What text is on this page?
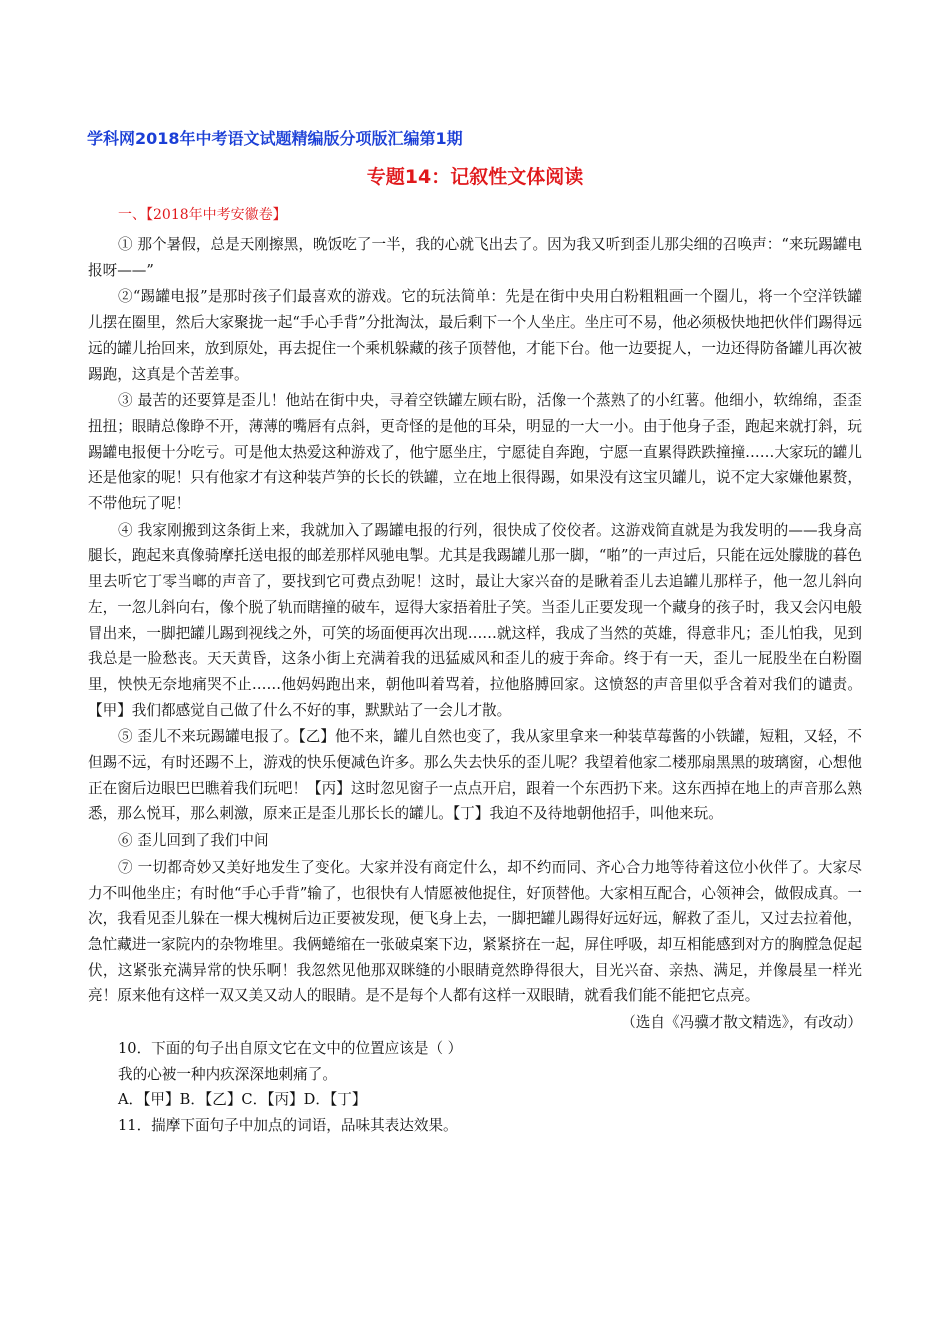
学科网2018年中考语文试题精编版分项版汇编第1期
专题14：记叙性文体阅读
一、【2018年中考安徽卷】

① 那个暑假，总是天刚擦黑，晚饭吃了一半，我的心就飞出去了。因为我又听到歪儿那尖细的召唤声：“来玩踢罐电报呀——”

②“踢罐电报”是那时孩子们最喜欢的游戏。它的玩法简单：先是在街中央用白粉粗粗画一个圈儿，将一个空洋铁罐儿摆在圈里，然后大家聚拢一起“手心手背”分批淘汰，最后剩下一个人坐庄。坐庄可不易，他必须极快地把伙伴们踢得远远的罐儿抬回来，放到原处，再去捉住一个乘机躲藏的孩子顶替他，才能下台。他一边要捉人，一边还得防备罐儿再次被踢跑，这真是个苦差事。

③ 最苦的还要算是歪儿！他站在街中央，寻着空铁罐左顾右盼，活像一个蒸熟了的小红薯。他细小，软绵绵，歪歪扭扭；眼睛总像睁不开，薄薄的嘴唇有点斜，更奇怪的是他的耳朵，明显的一大一小。由于他身子歪，跑起来就打斜，玩踢罐电报便十分吃亏。可是他太热爱这种游戏了，他宁愿坐庄，宁愿徒自奔跑，宁愿一直累得跌跌撞撞……大家玩的罐儿还是他家的呢！只有他家才有这种装芦笋的长长的铁罐，立在地上很得踢，如果没有这宝贝罐儿，说不定大家嫌他累赘，不带他玩了呢！

④ 我家刚搬到这条街上来，我就加入了踢罐电报的行列，很快成了佼佼者。这游戏简直就是为我发明的——我身高腿长，跑起来真像骑摩托送电报的邮差那样风驰电掣。尤其是我踢罐儿那一脚，“啪”的一声过后，只能在远处朦胧的暮色里去听它丁零当啷的声音了，要找到它可费点劲呢！这时，最让大家兴奋的是瞅着歪儿去追罐儿那样子，他一忽儿斜向左，一忽儿斜向右，像个脱了轨而瞎撞的破车，逗得大家捂着肚子笑。当歪儿正要发现一个藏身的孩子时，我又会闪电般冒出来，一脚把罐儿踢到视线之外，可笑的场面便再次出现……就这样，我成了当然的英雄，得意非凡；歪儿怕我，见到我总是一脸愁丧。天天黄昏，这条小街上充满着我的迅猛威风和歪儿的疲于奔命。终于有一天，歪儿一屁股坐在白粉圈里，怏怏无奈地痛哭不止……他妈妈跑出来，朝他叫着骂着，拉他胳膊回家。这愤怒的声音里似乎含着对我们的谴责。【甲】我们都感觉自己做了什么不好的事，默默站了一会儿才散。

⑤ 歪儿不来玩踢罐电报了。【乙】他不来，罐儿自然也变了，我从家里拿来一种装草莓酱的小铁罐，短粗，又轻，不但踢不远，有时还踢不上，游戏的快乐便减色许多。那么失去快乐的歪儿呢？我望着他家二楼那扇黑黑的玻璃窗，心想他正在窗后边眼巴巴瞧着我们玩吧！【丙】这时忽见窗子一点点开启，跟着一个东西扔下来。这东西掉在地上的声音那么熟悉，那么悦耳，那么刺激，原来正是歪儿那长长的罐儿。【丁】我迫不及待地朝他招手，叫他来玩。

⑥ 歪儿回到了我们中间

⑦ 一切都奇妙又美好地发生了变化。大家并没有商定什么，却不约而同、齐心合力地等待着这位小伙伴了。大家尽力不叫他坐庄；有时他“手心手背”输了，也很快有人情愿被他捉住，好顶替他。大家相互配合，心领神会，做假成真。一次，我看见歪儿躲在一棵大槐树后边正要被发现，便飞身上去，一脚把罐儿踢得好远好远，解救了歪儿，又过去拉着他，急忙藏进一家院内的杂物堆里。我俩蜷缩在一张破桌案下边，紧紧挤在一起，屏住呼吸，却互相能感到对方的胸膛急促起伏，这紧张充满异常的快乐啊！我忽然见他那双眯缝的小眼睛竟然睁得很大，目光兴奋、亲热、满足，并像晨星一样光亮！原来他有这样一双又美又动人的眼睛。是不是每个人都有这样一双眼睛，就看我们能不能把它点亮。

（选自《冯骥才散文精选》，有改动）

10．下面的句子出自原文它在文中的位置应该是（ ）

我的心被一种内疚深深地刺痛了。

A．【甲】B．【乙】C．【丙】D．【丁】

11．揣摩下面句子中加点的词语，品味其表达效果。
